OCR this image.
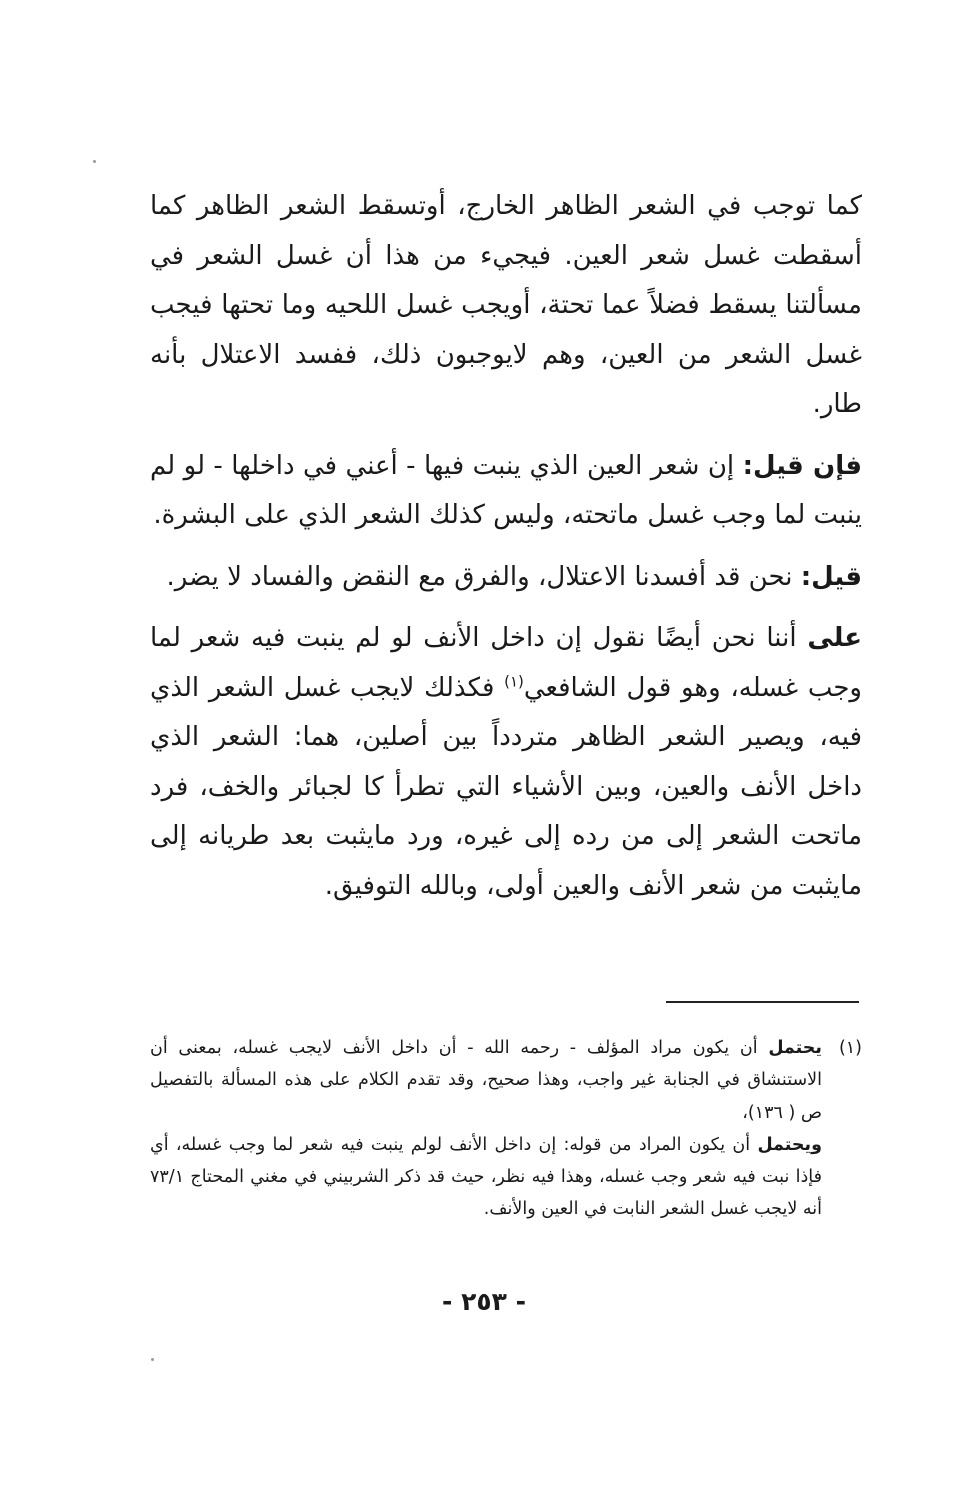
كما توجب في الشعر الظاهر الخارج، أوتسقط الشعر الظاهر كما أسقطت غسل شعر العين. فيجيء من هذا أن غسل الشعر في مسألتنا يسقط فضلاً عما تحتة، أويجب غسل اللحيه وما تحتها فيجب غسل الشعر من العين، وهم لايوجبون ذلك، ففسد الاعتلال بأنه طار.

فإن قيل: إن شعر العين الذي ينبت فيها - أعني في داخلها - لو لم ينبت لما وجب غسل ماتحته، وليس كذلك الشعر الذي على البشرة.

قيل: نحن قد أفسدنا الاعتلال، والفرق مع النقض والفساد لا يضر.

على أننا نحن أيضًا نقول إن داخل الأنف لو لم ينبت فيه شعر لما وجب غسله، وهو قول الشافعي$^{(١)}$ فكذلك لايجب غسل الشعر الذي فيه، ويصير الشعر الظاهر متردداً بين أصلين، هما: الشعر الذي داخل الأنف والعين، وبين الأشياء التي تطرأ كا لجبائر والخف، فرد ماتحت الشعر إلى من رده إلى غيره، ورد مايثبت بعد طريانه إلى مايثبت من شعر الأنف والعين أولى، وبالله التوفيق.

(١)

يحتمل أن يكون مراد المؤلف - رحمه الله - أن داخل الأنف لايجب غسله، بمعنى أن الاستنشاق في الجنابة غير واجب، وهذا صحيح، وقد تقدم الكلام على هذه المسألة بالتفصيل ص ( ١٣٦)،

ويحتمل أن يكون المراد من قوله: إن داخل الأنف لولم ينبت فيه شعر لما وجب غسله، أي فإذا نبت فيه شعر وجب غسله، وهذا فيه نظر، حيث قد ذكر الشربيني في مغني المحتاج ٧٣/١ أنه لايجب غسل الشعر النابت في العين والأنف.

- ٢٥٣ -
